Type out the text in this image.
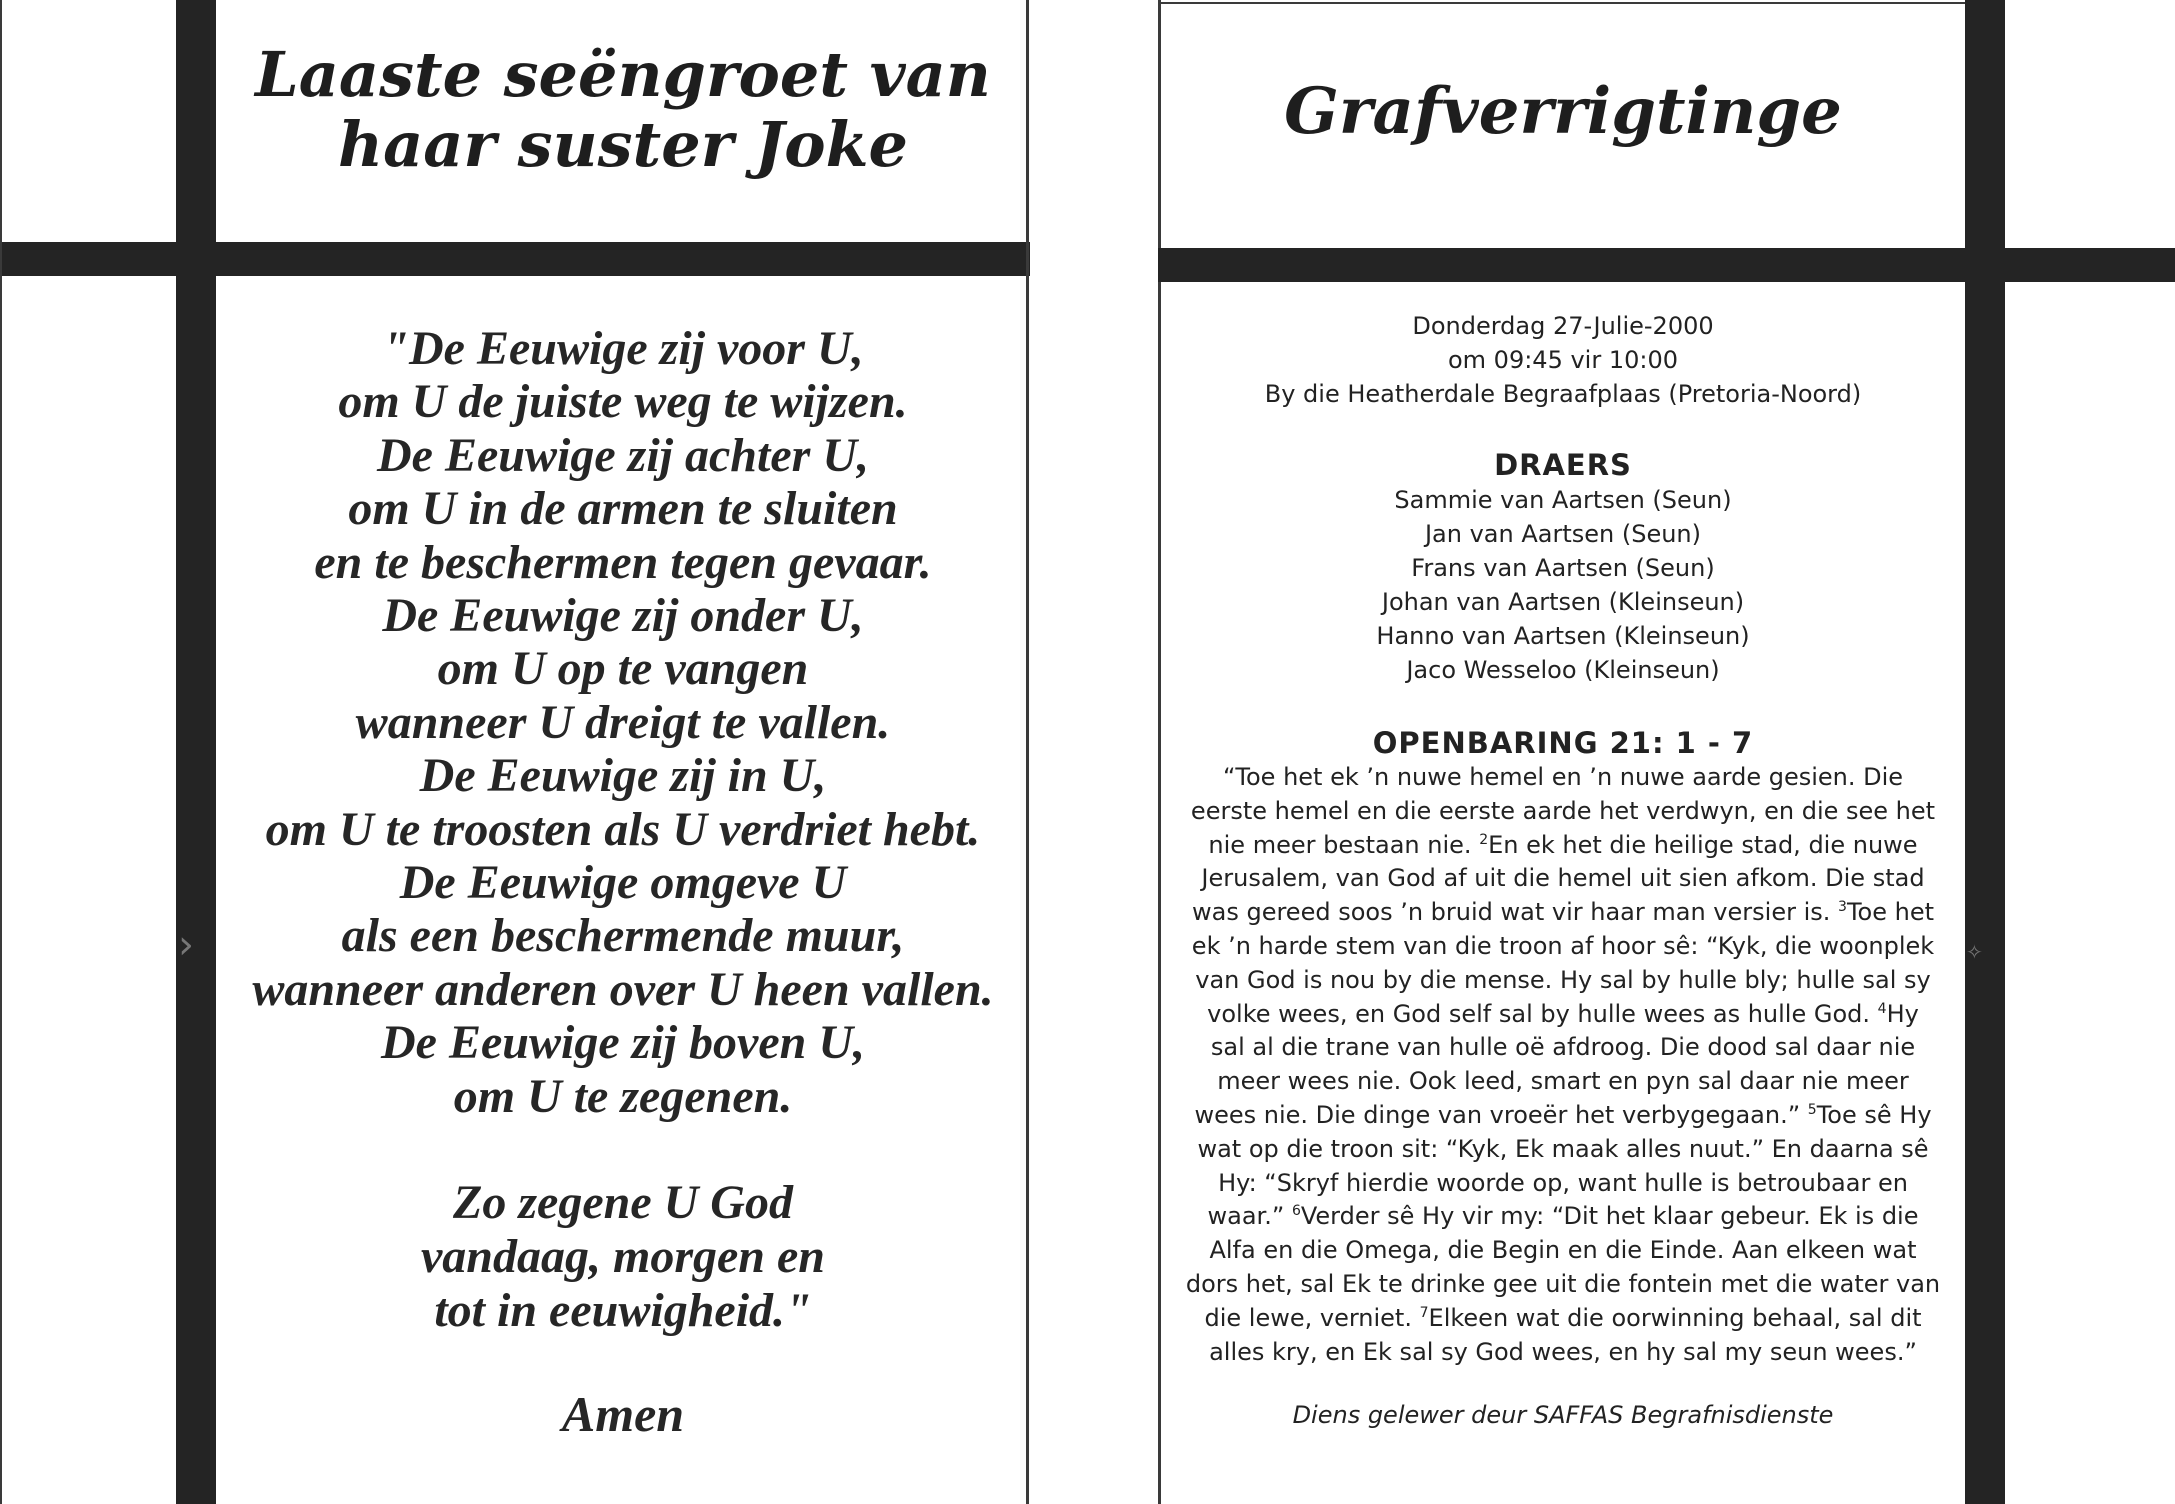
Laaste seëngroet van
haar suster Joke	Grafverrigtinge
"De Eeuwige zij voor U,
om U de juiste weg te wijzen.
De Eeuwige zij achter U,
om U in de armen te sluiten
en te beschermen tegen gevaar.
De Eeuwige zij onder U,
om U op te vangen
wanneer U dreigt te vallen.
De Eeuwige zij in U,
om U te troosten als U verdriet hebt.
De Eeuwige omgeve U
als een beschermende muur,
wanneer anderen over U heen vallen.
De Eeuwige zij boven U,
om U te zegenen.
Zo zegene U God
vandaag, morgen en
tot in eeuwigheid."
Amen
Donderdag 27-Julie-2000
om 09:45 vir 10:00
By die Heatherdale Begraafplaas (Pretoria-Noord)
DRAERS
Sammie van Aartsen (Seun)
Jan van Aartsen (Seun)
Frans van Aartsen (Seun)
Johan van Aartsen (Kleinseun)
Hanno van Aartsen (Kleinseun)
Jaco Wesseloo (Kleinseun)
OPENBARING 21: 1 - 7
“Toe het ek ’n nuwe hemel en ’n nuwe aarde gesien. Die
eerste hemel en die eerste aarde het verdwyn, en die see het
nie meer bestaan nie. $^2$En ek het die heilige stad, die nuwe
Jerusalem, van God af uit die hemel uit sien afkom. Die stad
was gereed soos ’n bruid wat vir haar man versier is. $^3$Toe het
ek ’n harde stem van die troon af hoor sê: “Kyk, die woonplek
van God is nou by die mense. Hy sal by hulle bly; hulle sal sy
volke wees, en God self sal by hulle wees as hulle God. $^4$Hy
sal al die trane van hulle oë afdroog. Die dood sal daar nie
meer wees nie. Ook leed, smart en pyn sal daar nie meer
wees nie. Die dinge van vroeër het verbygegaan.” $^5$Toe sê Hy
wat op die troon sit: “Kyk, Ek maak alles nuut.” En daarna sê
Hy: “Skryf hierdie woorde op, want hulle is betroubaar en
waar.” $^6$Verder sê Hy vir my: “Dit het klaar gebeur. Ek is die
Alfa en die Omega, die Begin en die Einde. Aan elkeen wat
dors het, sal Ek te drinke gee uit die fontein met die water van
die lewe, verniet. $^7$Elkeen wat die oorwinning behaal, sal dit
alles kry, en Ek sal sy God wees, en hy sal my seun wees.”
Diens gelewer deur SAFFAS Begrafnisdienste
›	✧
